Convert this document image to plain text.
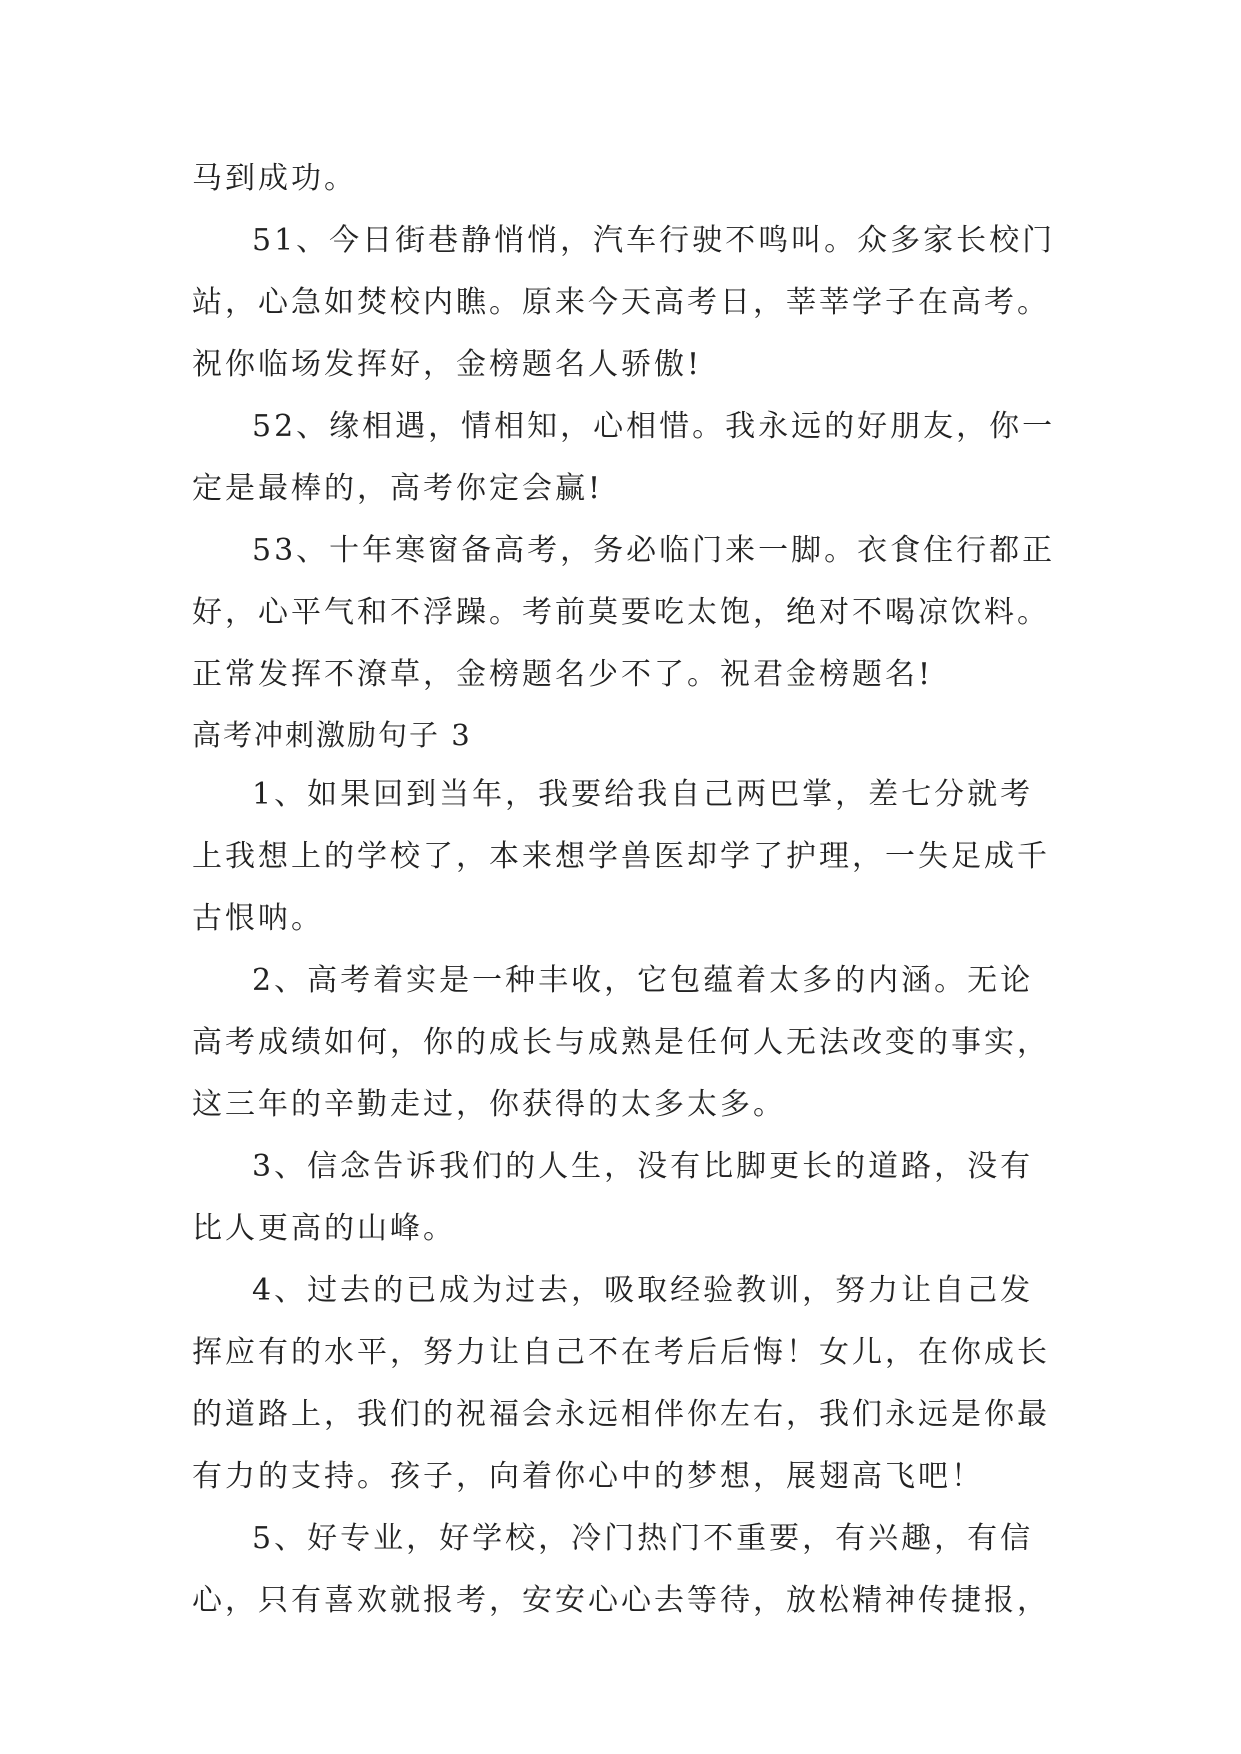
马到成功。
51、今日街巷静悄悄，汽车行驶不鸣叫。众多家长校门
站，心急如焚校内瞧。原来今天高考日，莘莘学子在高考。
祝你临场发挥好，金榜题名人骄傲!
52、缘相遇，情相知，心相惜。我永远的好朋友，你一
定是最棒的，高考你定会赢!
53、十年寒窗备高考，务必临门来一脚。衣食住行都正
好，心平气和不浮躁。考前莫要吃太饱，绝对不喝凉饮料。
正常发挥不潦草，金榜题名少不了。祝君金榜题名!
高考冲刺激励句子 3
1、如果回到当年，我要给我自己两巴掌，差七分就考
上我想上的学校了，本来想学兽医却学了护理，一失足成千
古恨呐。
2、高考着实是一种丰收，它包蕴着太多的内涵。无论
高考成绩如何，你的成长与成熟是任何人无法改变的事实，
这三年的辛勤走过，你获得的太多太多。
3、信念告诉我们的人生，没有比脚更长的道路，没有
比人更高的山峰。
4、过去的已成为过去，吸取经验教训，努力让自己发
挥应有的水平，努力让自己不在考后后悔！女儿，在你成长
的道路上，我们的祝福会永远相伴你左右，我们永远是你最
有力的支持。孩子，向着你心中的梦想，展翅高飞吧！
5、好专业，好学校，冷门热门不重要，有兴趣，有信
心，只有喜欢就报考，安安心心去等待，放松精神传捷报，
